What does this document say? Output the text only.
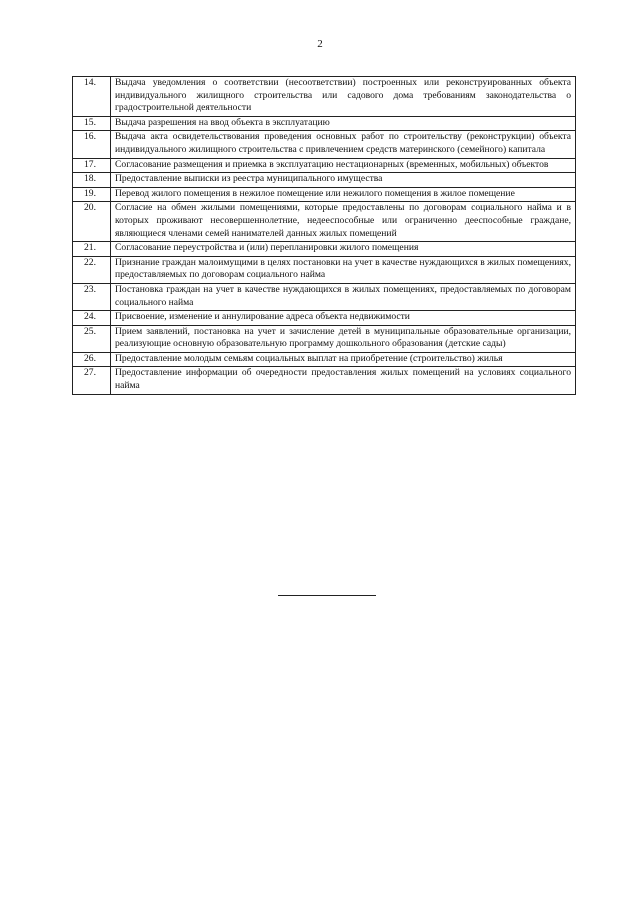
2
14.	Выдача уведомления о соответствии (несоответствии) построенных или реконструированных объекта индивидуального жилищного строительства или садового дома требованиям законодательства о градостроительной деятельности
15.	Выдача разрешения на ввод объекта в эксплуатацию
16.	Выдача акта освидетельствования проведения основных работ по строительству (реконструкции) объекта индивидуального жилищного строительства с привлечением средств материнского (семейного) капитала
17.	Согласование размещения и приемка в эксплуатацию нестационарных (временных, мобильных) объектов
18.	Предоставление выписки из реестра муниципального имущества
19.	Перевод жилого помещения в нежилое помещение или нежилого помещения в жилое помещение
20.	Согласие на обмен жилыми помещениями, которые предоставлены по договорам социального найма и в которых проживают несовершеннолетние, недееспособные или ограниченно дееспособные граждане, являющиеся членами семей нанимателей данных жилых помещений
21.	Согласование переустройства и (или) перепланировки жилого помещения
22.	Признание граждан малоимущими в целях постановки на учет в качестве нуждающихся в жилых помещениях, предоставляемых по договорам социального найма
23.	Постановка граждан на учет в качестве нуждающихся в жилых помещениях, предоставляемых по договорам социального найма
24.	Присвоение, изменение и аннулирование адреса объекта недвижимости
25.	Прием заявлений, постановка на учет и зачисление детей в муниципальные образовательные организации, реализующие основную образовательную программу дошкольного образования (детские сады)
26.	Предоставление молодым семьям социальных выплат на приобретение (строительство) жилья
27.	Предоставление информации об очередности предоставления жилых помещений на условиях социального найма
